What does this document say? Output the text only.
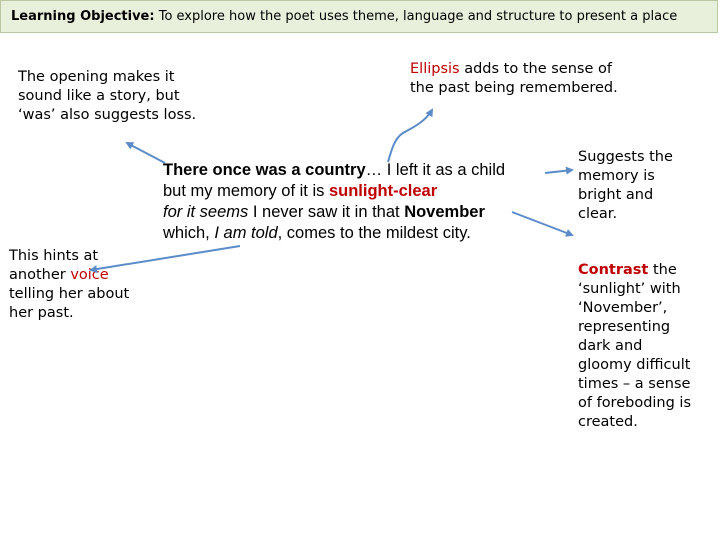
Learning Objective: To explore how the poet uses theme, language and structure to present a place
The opening makes it
sound like a story, but
‘was’ also suggests loss.
Ellipsis adds to the sense of
the past being remembered.
Suggests the
memory is
bright and
clear.
This hints at
another voice
telling her about
her past.
Contrast the
‘sunlight’ with
‘November’,
representing
dark and
gloomy difficult
times – a sense
of foreboding is
created.
There once was a country… I left it as a child
but my memory of it is sunlight-clear
for it seems I never saw it in that November
which, I am told, comes to the mildest city.
